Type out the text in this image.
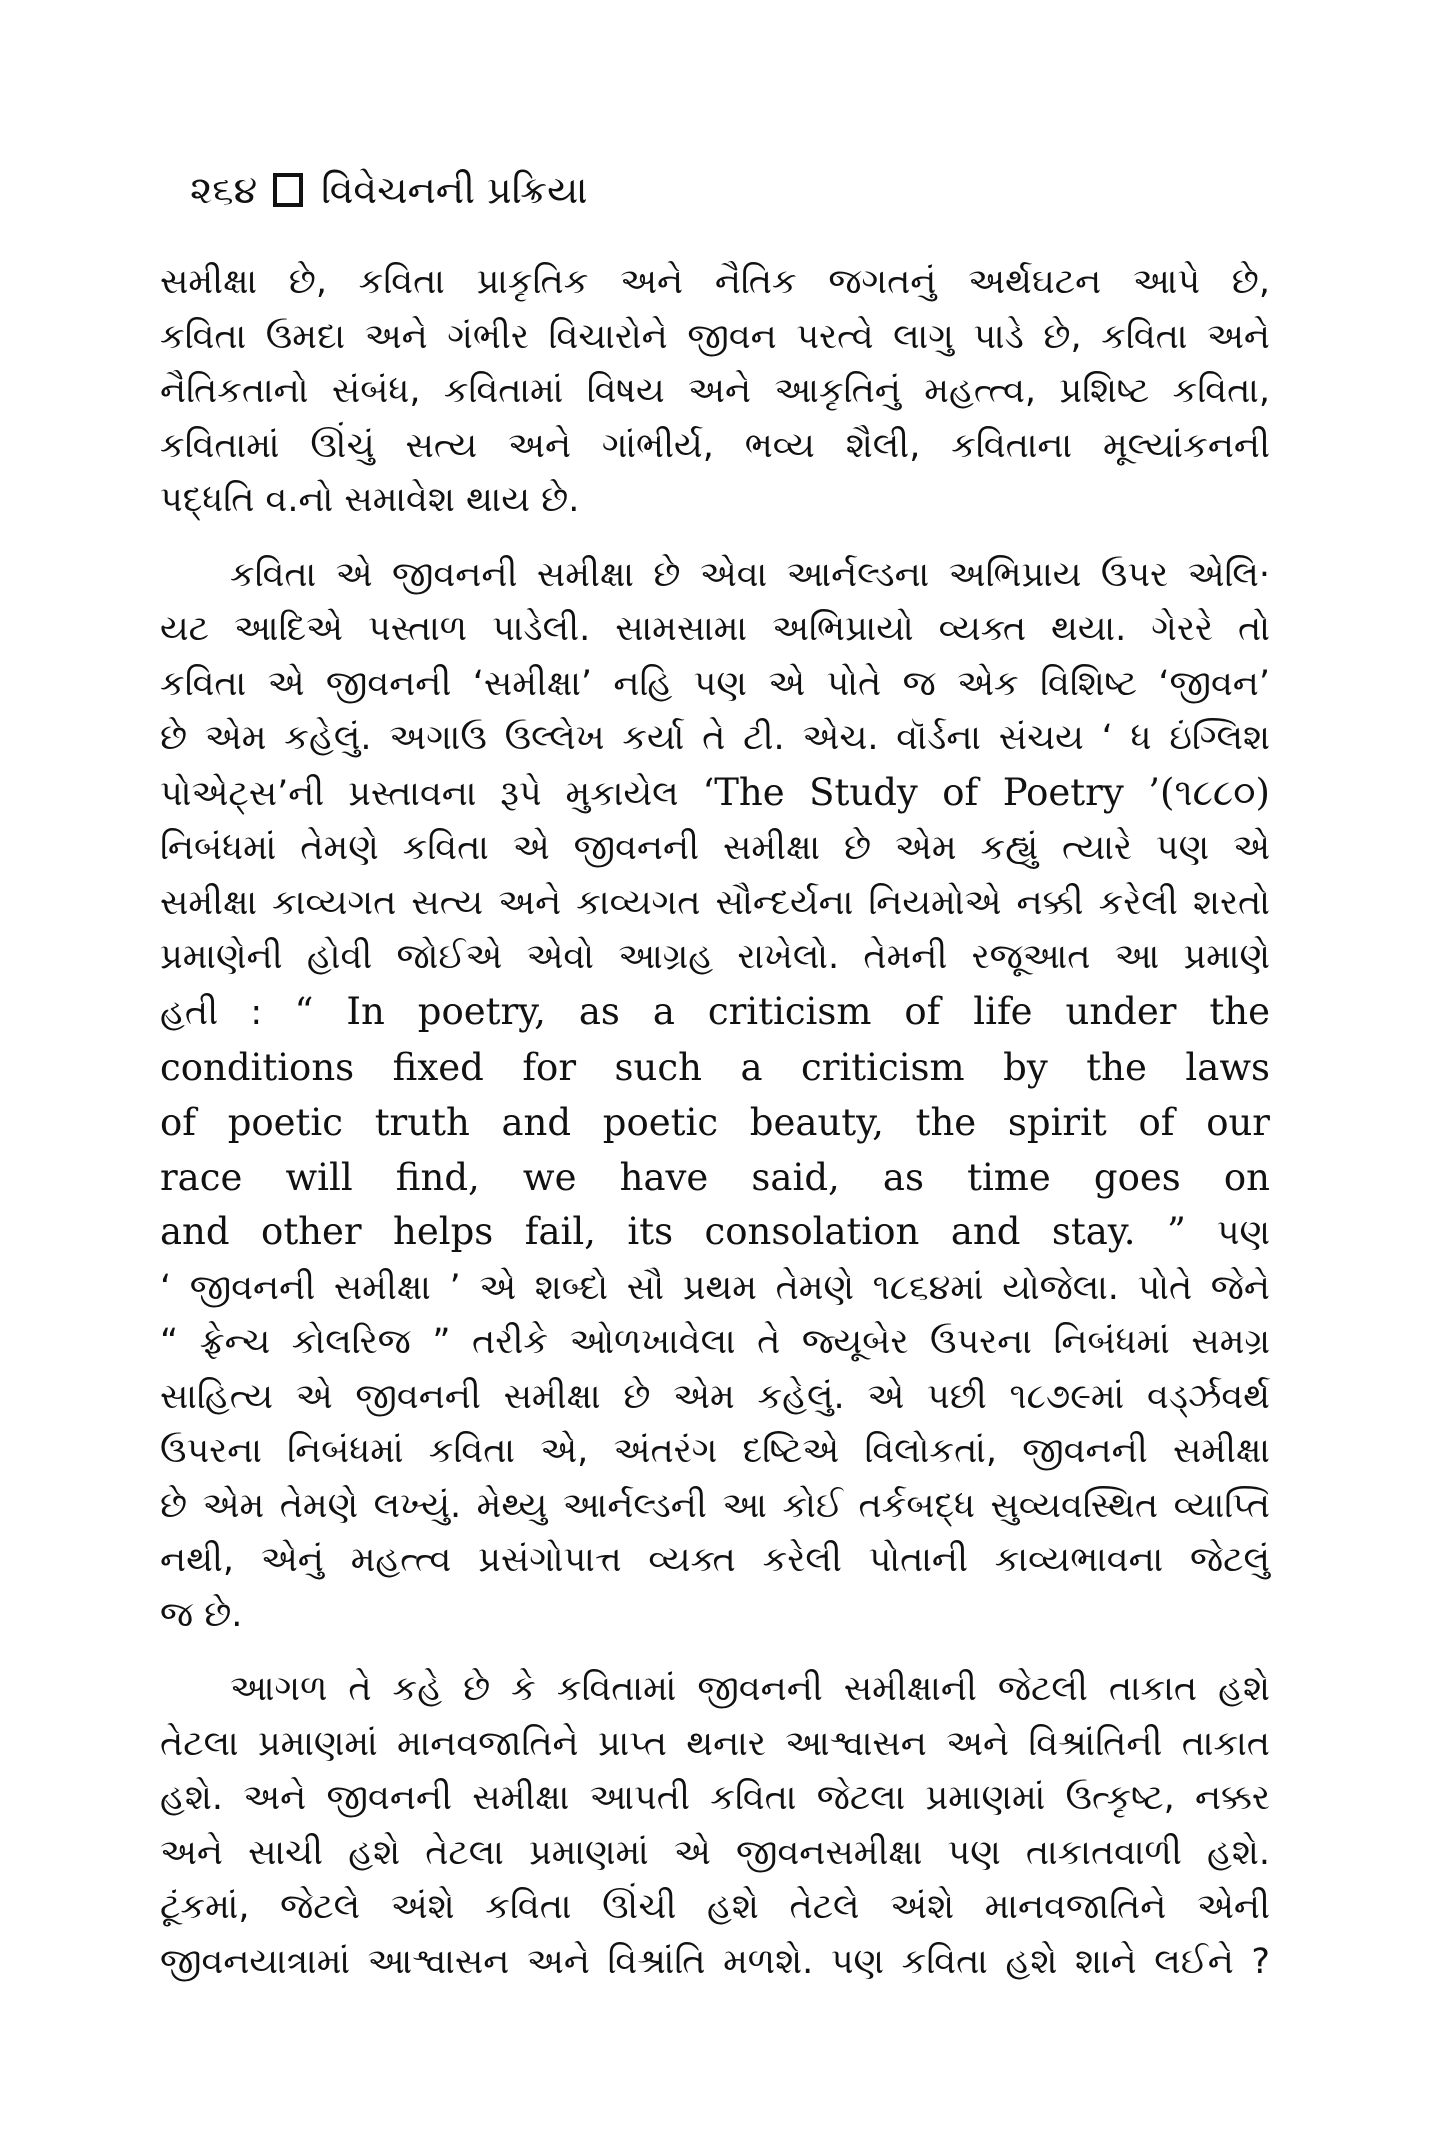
૨૬૪ વિવેચનની પ્રક્રિયા
સમીક્ષા છે, કવિતા પ્રાકૃતિક અને નૈતિક જગતનું અર્થઘટન આપે છે,
કવિતા ઉમદા અને ગંભીર વિચારોને જીવન પરત્વે લાગુ પાડે છે, કવિતા અને
નૈતિકતાનો સંબંધ, કવિતામાં વિષય અને આકૃતિનું મહત્ત્વ, પ્રશિષ્ટ કવિતા,
કવિતામાં ઊંચું સત્ય અને ગાંભીર્ય, ભવ્ય શૈલી, કવિતાના મૂલ્યાંકનની
પદ્ધતિ વ.નો સમાવેશ થાય છે.
કવિતા એ જીવનની સમીક્ષા છે એવા આર્નલ્ડના અભિપ્રાય ઉપર એલિ·
યટ આદિએ પસ્તાળ પાડેલી. સામસામા અભિપ્રાયો વ્યક્ત થયા. ગેરરે તો
કવિતા એ જીવનની ‘સમીક્ષા’ નહિ પણ એ પોતે જ એક વિશિષ્ટ ‘જીવન’
છે એમ કહેલું. અગાઉ ઉલ્લેખ કર્યા તે ટી. એચ. વૉર્ડના સંચય ‘ ધ ઇંગ્લિશ
પોએટ્સ’ની પ્રસ્તાવના રૂપે મુકાયેલ ‘The Study of Poetry ’(૧૮૮૦)
નિબંધમાં તેમણે કવિતા એ જીવનની સમીક્ષા છે એમ કહ્યું ત્યારે પણ એ
સમીક્ષા કાવ્યગત સત્ય અને કાવ્યગત સૌન્દર્યના નિયમોએ નક્કી કરેલી શરતો
પ્રમાણેની હોવી જોઈએ એવો આગ્રહ રાખેલો. તેમની રજૂઆત આ પ્રમાણે
હતી : “ In poetry, as a criticism of life under the
conditions fixed for such a criticism by the laws
of poetic truth and poetic beauty, the spirit of our
race will find, we have said, as time goes on
and other helps fail, its consolation and stay. ” પણ
‘ જીવનની સમીક્ષા ’ એ શબ્દો સૌ પ્રથમ તેમણે ૧૮૬૪માં યોજેલા. પોતે જેને
“ ફ્રેન્ચ કોલરિજ ” તરીકે ઓળખાવેલા તે જ્યૂબેર ઉપરના નિબંધમાં સમગ્ર
સાહિત્ય એ જીવનની સમીક્ષા છે એમ કહેલું. એ પછી ૧૮૭૯માં વર્ડ્ઝવર્થ
ઉપરના નિબંધમાં કવિતા એ, અંતરંગ દષ્ટિએ વિલોકતાં, જીવનની સમીક્ષા
છે એમ તેમણે લખ્યું. મેથ્યુ આર્નલ્ડની આ કોઈ તર્કબદ્ધ સુવ્યવસ્થિત વ્યાપ્તિ
નથી, એનું મહત્ત્વ પ્રસંગોપાત્ત વ્યક્ત કરેલી પોતાની કાવ્યભાવના જેટલું
જ છે.
આગળ તે કહે છે કે કવિતામાં જીવનની સમીક્ષાની જેટલી તાકાત હશે
તેટલા પ્રમાણમાં માનવજાતિને પ્રાપ્ત થનાર આશ્વાસન અને વિશ્રાંતિની તાકાત
હશે. અને જીવનની સમીક્ષા આપતી કવિતા જેટલા પ્રમાણમાં ઉત્કૃષ્ટ, નક્કર
અને સાચી હશે તેટલા પ્રમાણમાં એ જીવનસમીક્ષા પણ તાકાતવાળી હશે.
ટૂંકમાં, જેટલે અંશે કવિતા ઊંચી હશે તેટલે અંશે માનવજાતિને એની
જીવનયાત્રામાં આશ્વાસન અને વિશ્રાંતિ મળશે. પણ કવિતા હશે શાને લઈને ?
